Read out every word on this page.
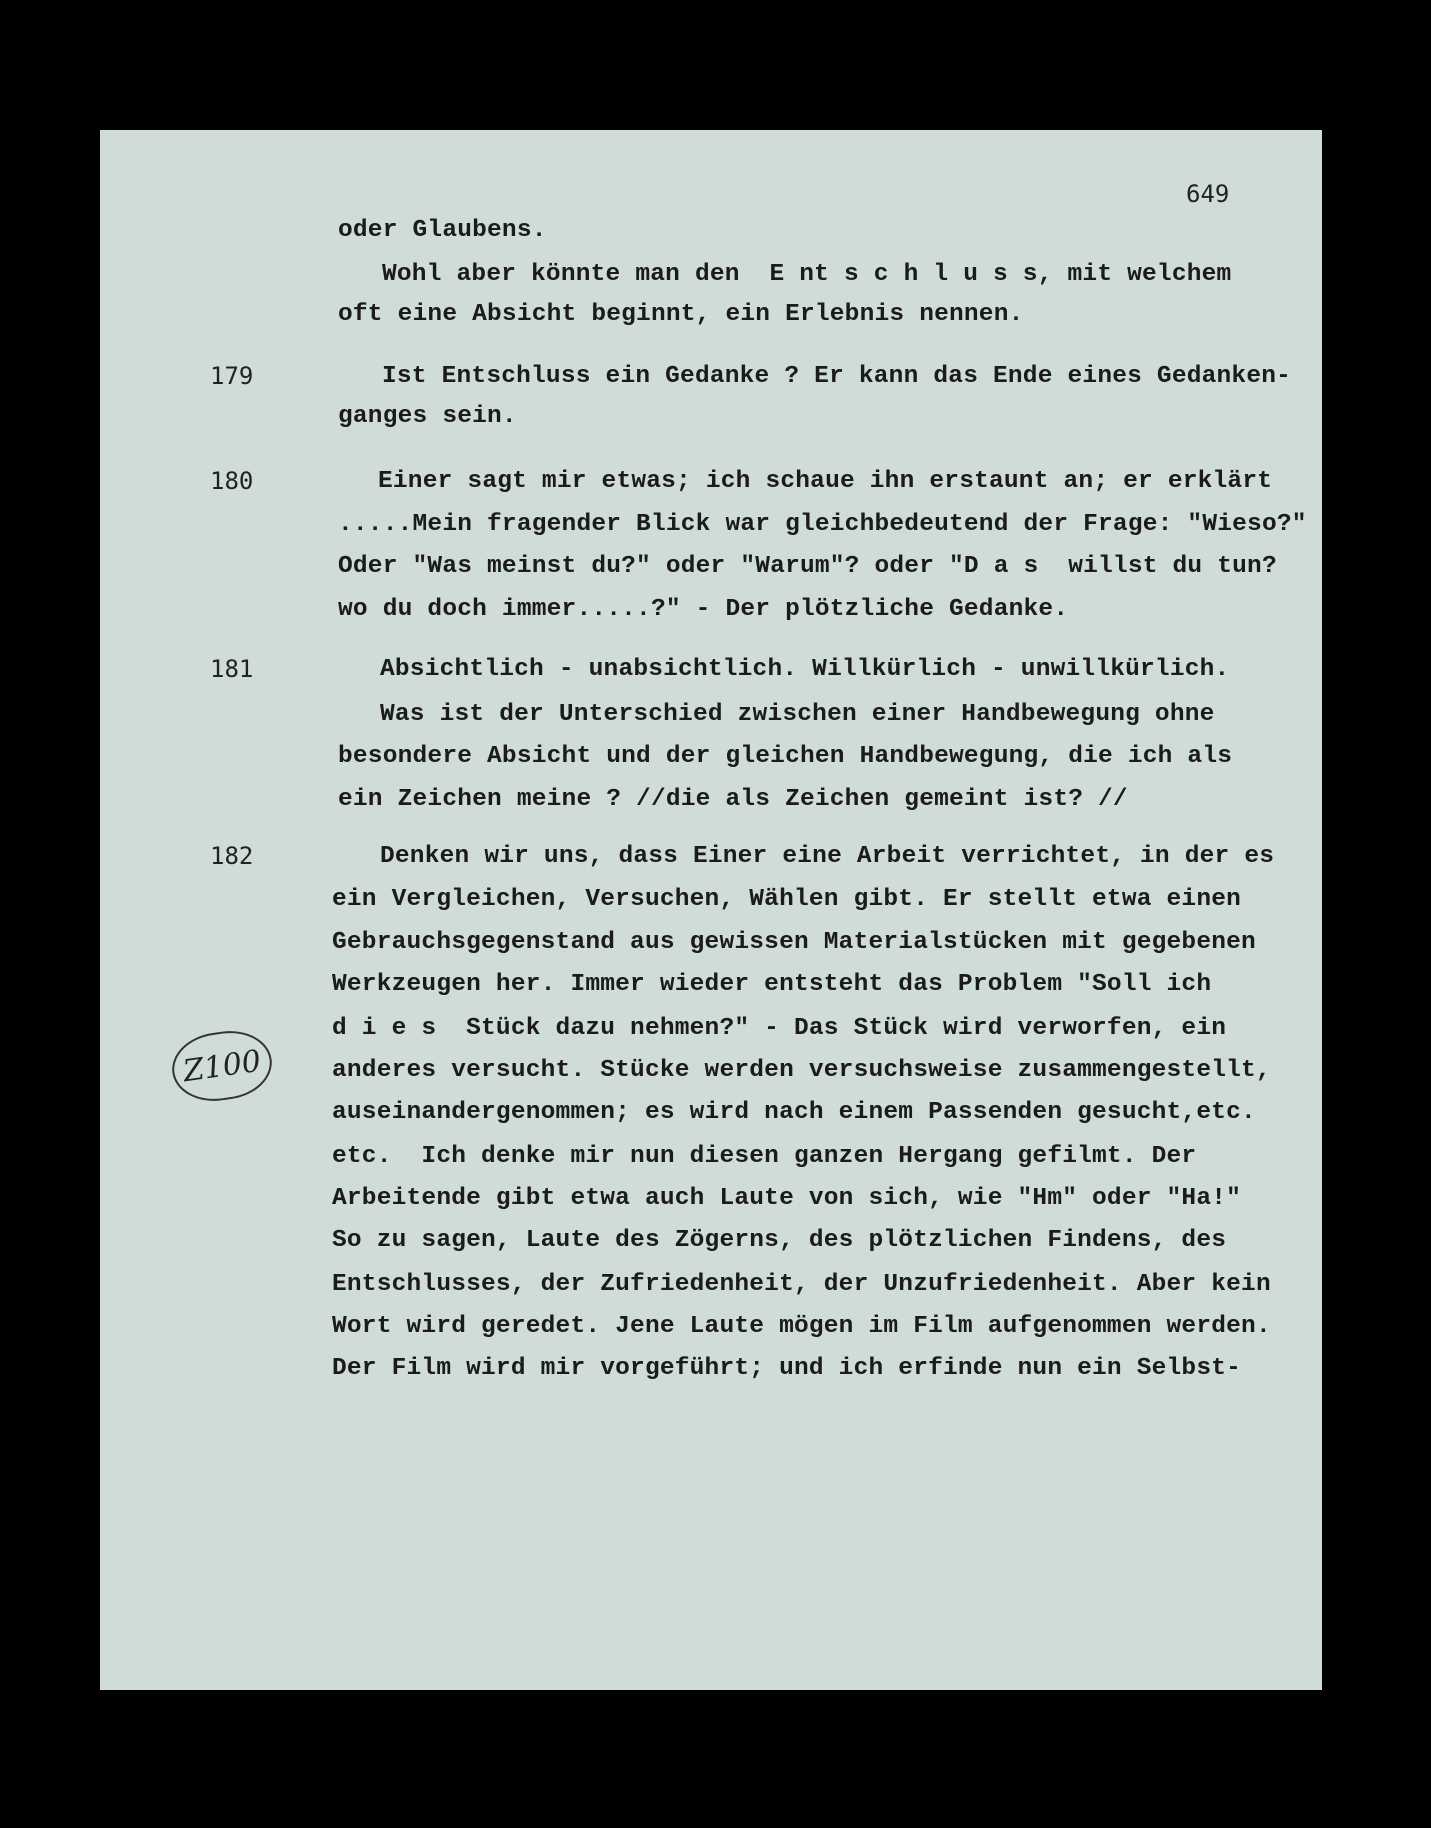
649
179
180
181
182
Z100
oder Glaubens.
Wohl aber könnte man den  E nt s c h l u s s, mit welchem
oft eine Absicht beginnt, ein Erlebnis nennen.
Ist Entschluss ein Gedanke ? Er kann das Ende eines Gedanken-
ganges sein.
Einer sagt mir etwas; ich schaue ihn erstaunt an; er erklärt
.....Mein fragender Blick war gleichbedeutend der Frage: "Wieso?"
Oder "Was meinst du?" oder "Warum"? oder "D a s  willst du tun?
wo du doch immer.....?" - Der plötzliche Gedanke.
Absichtlich - unabsichtlich. Willkürlich - unwillkürlich.
Was ist der Unterschied zwischen einer Handbewegung ohne
besondere Absicht und der gleichen Handbewegung, die ich als
ein Zeichen meine ? //die als Zeichen gemeint ist? //
Denken wir uns, dass Einer eine Arbeit verrichtet, in der es
ein Vergleichen, Versuchen, Wählen gibt. Er stellt etwa einen
Gebrauchsgegenstand aus gewissen Materialstücken mit gegebenen
Werkzeugen her. Immer wieder entsteht das Problem "Soll ich
d i e s  Stück dazu nehmen?" - Das Stück wird verworfen, ein
anderes versucht. Stücke werden versuchsweise zusammengestellt,
auseinandergenommen; es wird nach einem Passenden gesucht,etc.
etc.  Ich denke mir nun diesen ganzen Hergang gefilmt. Der
Arbeitende gibt etwa auch Laute von sich, wie "Hm" oder "Ha!"
So zu sagen, Laute des Zögerns, des plötzlichen Findens, des
Entschlusses, der Zufriedenheit, der Unzufriedenheit. Aber kein
Wort wird geredet. Jene Laute mögen im Film aufgenommen werden.
Der Film wird mir vorgeführt; und ich erfinde nun ein Selbst-
